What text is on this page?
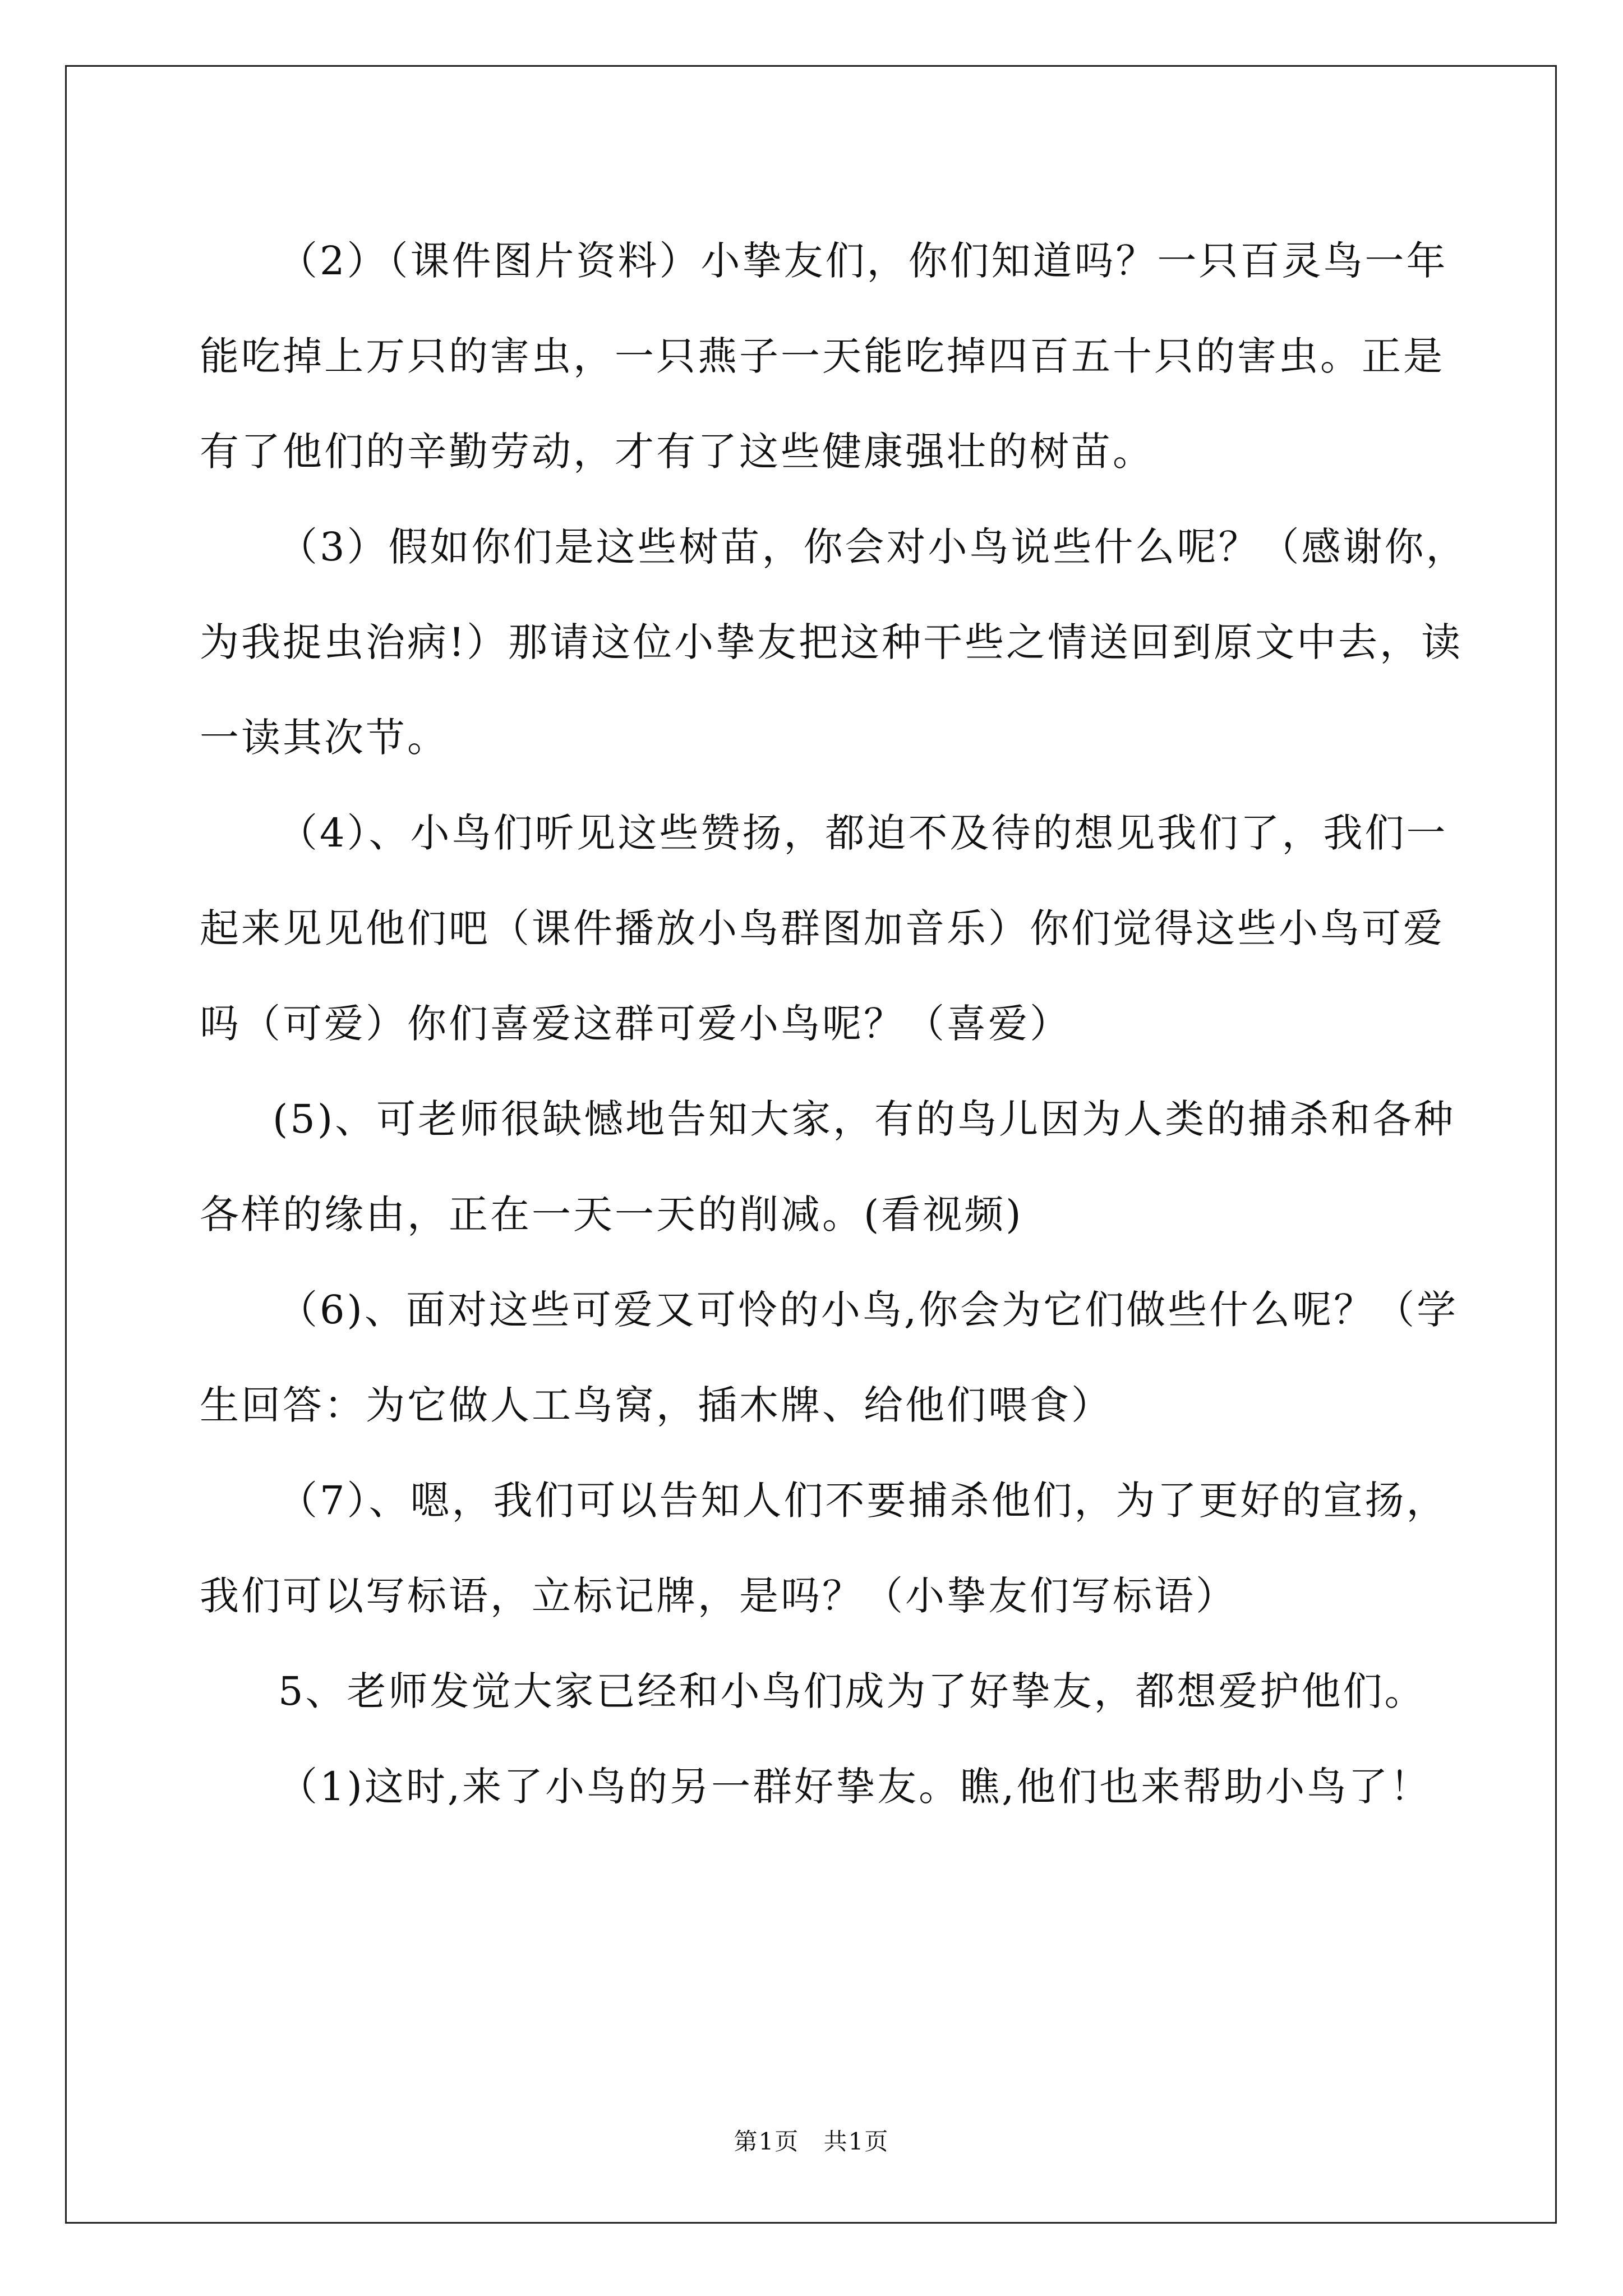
（2）（课件图片资料）小挚友们，你们知道吗？一只百灵鸟一年

能吃掉上万只的害虫，一只燕子一天能吃掉四百五十只的害虫。正是

有了他们的辛勤劳动，才有了这些健康强壮的树苗。

（3）假如你们是这些树苗，你会对小鸟说些什么呢？（感谢你，

为我捉虫治病!）那请这位小挚友把这种干些之情送回到原文中去，读

一读其次节。

（4）、小鸟们听见这些赞扬，都迫不及待的想见我们了，我们一

起来见见他们吧（课件播放小鸟群图加音乐）你们觉得这些小鸟可爱

吗（可爱）你们喜爱这群可爱小鸟呢？（喜爱）

(5)、可老师很缺憾地告知大家，有的鸟儿因为人类的捕杀和各种

各样的缘由，正在一天一天的削减。(看视频)

（6)、面对这些可爱又可怜的小鸟,你会为它们做些什么呢？（学

生回答：为它做人工鸟窝，插木牌、给他们喂食）

（7）、嗯，我们可以告知人们不要捕杀他们，为了更好的宣扬，

我们可以写标语，立标记牌，是吗？（小挚友们写标语）

5、老师发觉大家已经和小鸟们成为了好挚友，都想爱护他们。

（1)这时,来了小鸟的另一群好挚友。瞧,他们也来帮助小鸟了！

第1页 共1页
